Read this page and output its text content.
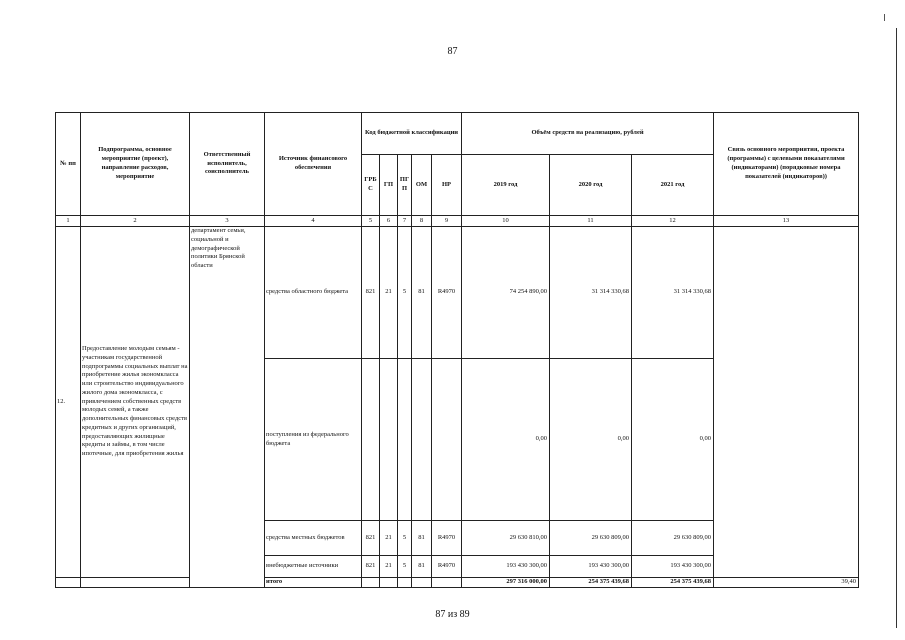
87
№ пп	Подпрограмма, основное мероприятие (проект), направление расходов, мероприятие	Ответственный исполнитель, соисполнитель	Источник финансового обеспечения	Код бюджетной классификации					Объём средств на реализацию, рублей			Связь основного мероприятия, проекта (программы) с целевыми показателями (индикаторами) (порядковые номера показателей (индикаторов))
				ГРБ С	ГП	ПГ П	ОМ	НР	2019 год	2020 год	2021 год	
1	2	3	4	5	6	7	8	9	10	11	12	13
12.	Предоставление молодым семьям - участникам государственной подпрограммы социальных выплат на приобретение жилья экономкласса или строительство индивидуального жилого дома экономкласса, с привлечением собственных средств молодых семей, а также дополнительных финансовых средств кредитных и других организаций, предоставляющих жилищные кредиты и займы, в том числе ипотечные, для приобретения жилья	департамент семьи, социальной и демографической политики Брянской области	средства областного бюджета	821	21	5	81	R4970	74 254 890,00	31 314 330,68	31 314 330,68	
			поступления из федерального бюджета						0,00	0,00	0,00	
			средства местных бюджетов	821	21	5	81	R4970	29 630 810,00	29 630 809,00	29 630 809,00	
			внебюджетные источники	821	21	5	81	R4970	193 430 300,00	193 430 300,00	193 430 300,00	
			итого						297 316 000,00	254 375 439,68	254 375 439,68	39,40
87 из 89
